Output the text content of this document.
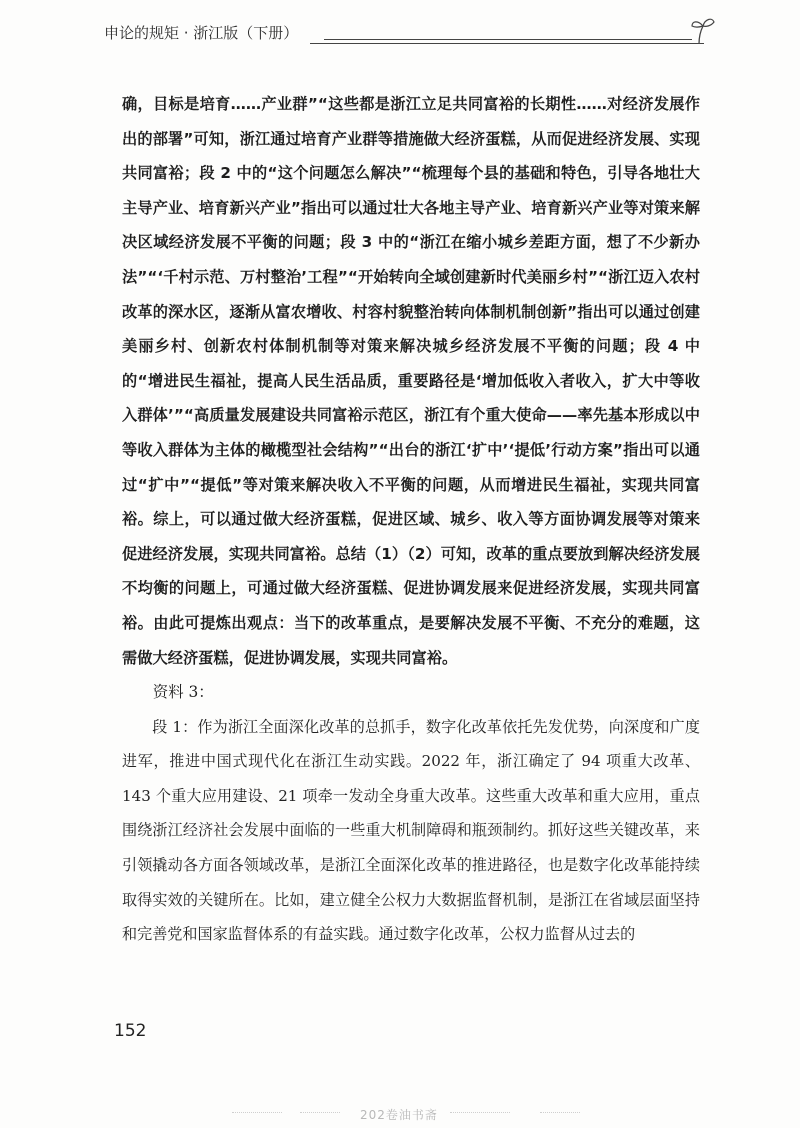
申论的规矩 · 浙江版（下册）

确，目标是培育……产业群”“这些都是浙江立足共同富裕的长期性……对经济发展作出的部署”可知，浙江通过培育产业群等措施做大经济蛋糕，从而促进经济发展、实现共同富裕；段 2 中的“这个问题怎么解决”“梳理每个县的基础和特色，引导各地壮大主导产业、培育新兴产业”指出可以通过壮大各地主导产业、培育新兴产业等对策来解决区域经济发展不平衡的问题；段 3 中的“浙江在缩小城乡差距方面，想了不少新办法”“‘千村示范、万村整治’工程”“开始转向全域创建新时代美丽乡村”“浙江迈入农村改革的深水区，逐渐从富农增收、村容村貌整治转向体制机制创新”指出可以通过创建美丽乡村、创新农村体制机制等对策来解决城乡经济发展不平衡的问题；段 4 中的“增进民生福祉，提高人民生活品质，重要路径是‘增加低收入者收入，扩大中等收入群体’”“高质量发展建设共同富裕示范区，浙江有个重大使命——率先基本形成以中等收入群体为主体的橄榄型社会结构”“出台的浙江‘扩中’‘提低’行动方案”指出可以通过“扩中”“提低”等对策来解决收入不平衡的问题，从而增进民生福祉，实现共同富裕。综上，可以通过做大经济蛋糕，促进区域、城乡、收入等方面协调发展等对策来促进经济发展，实现共同富裕。总结（1）（2）可知，改革的重点要放到解决经济发展不均衡的问题上，可通过做大经济蛋糕、促进协调发展来促进经济发展，实现共同富裕。由此可提炼出观点：当下的改革重点，是要解决发展不平衡、不充分的难题，这需做大经济蛋糕，促进协调发展，实现共同富裕。

资料 3：

段 1：作为浙江全面深化改革的总抓手，数字化改革依托先发优势，向深度和广度进军，推进中国式现代化在浙江生动实践。2022 年，浙江确定了 94 项重大改革、143 个重大应用建设、21 项牵一发动全身重大改革。这些重大改革和重大应用，重点围绕浙江经济社会发展中面临的一些重大机制障碍和瓶颈制约。抓好这些关键改革，来引领撬动各方面各领域改革，是浙江全面深化改革的推进路径，也是数字化改革能持续取得实效的关键所在。比如，建立健全公权力大数据监督机制，是浙江在省域层面坚持和完善党和国家监督体系的有益实践。通过数字化改革，公权力监督从过去的

152
202卷油书斋
